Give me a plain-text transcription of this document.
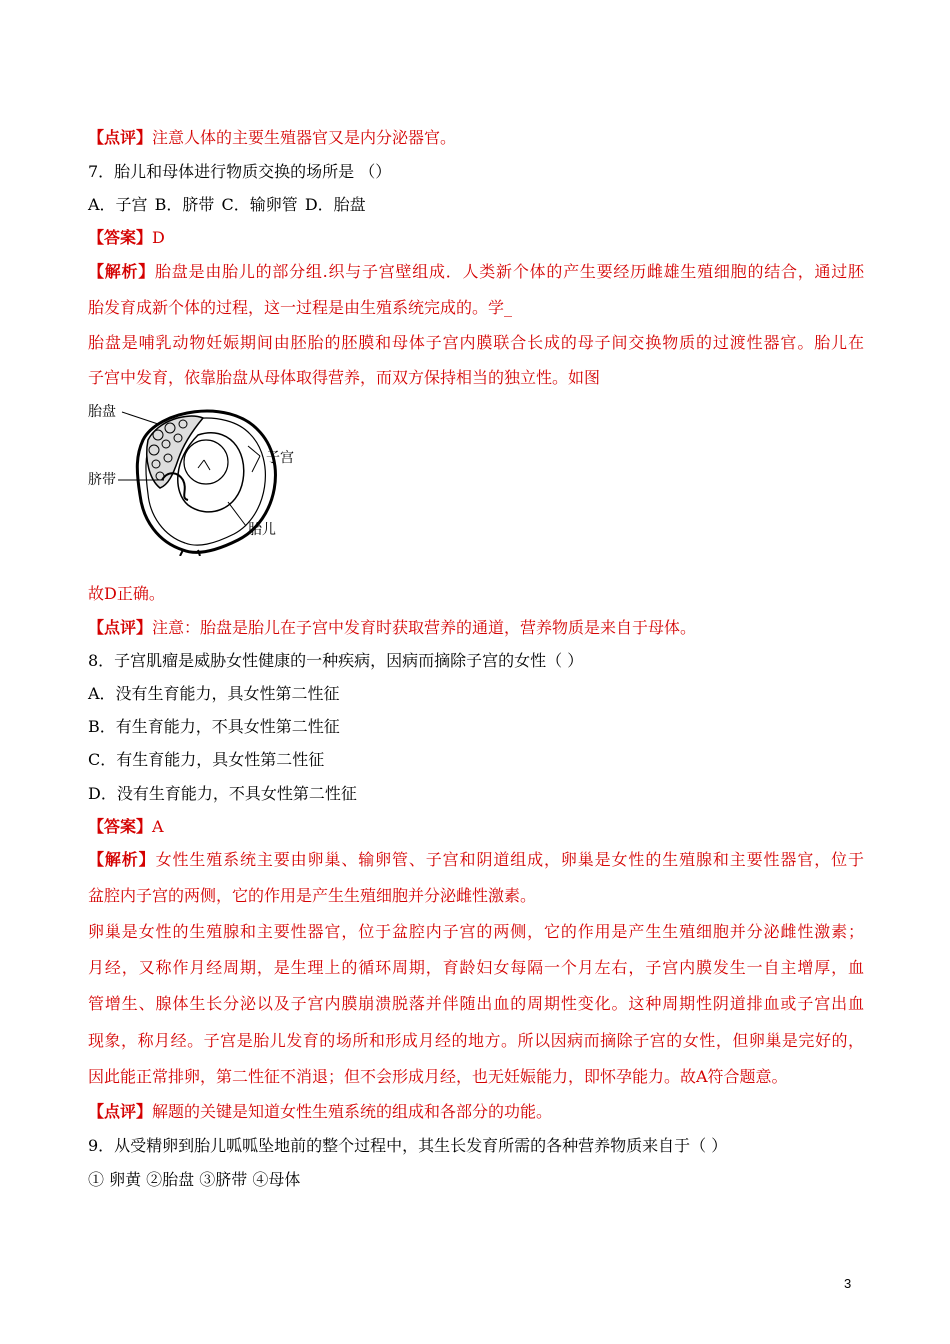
【点评】注意人体的主要生殖器官又是内分泌器官。
7．胎儿和母体进行物质交换的场所是 （）
A．子宫 B．脐带 C．输卵管 D．胎盘
【答案】D
【解析】胎盘是由胎儿的部分组.织与子宫壁组成．人类新个体的产生要经历雌雄生殖细胞的结合，通过胚
胎发育成新个体的过程，这一过程是由生殖系统完成的。学_
胎盘是哺乳动物妊娠期间由胚胎的胚膜和母体子宫内膜联合长成的母子间交换物质的过渡性器官。胎儿在
子宫中发育，依靠胎盘从母体取得营养，而双方保持相当的独立性。如图
胎盘
子宫
脐带
胎儿
故D正确。
【点评】注意：胎盘是胎儿在子宫中发育时获取营养的通道，营养物质是来自于母体。
8．子宫肌瘤是威胁女性健康的一种疾病，因病而摘除子宫的女性（ ）
A．没有生育能力，具女性第二性征
B．有生育能力，不具女性第二性征
C．有生育能力，具女性第二性征
D．没有生育能力，不具女性第二性征
【答案】A
【解析】女性生殖系统主要由卵巢、输卵管、子宫和阴道组成，卵巢是女性的生殖腺和主要性器官，位于
盆腔内子宫的两侧，它的作用是产生生殖细胞并分泌雌性激素。
卵巢是女性的生殖腺和主要性器官，位于盆腔内子宫的两侧，它的作用是产生生殖细胞并分泌雌性激素；
月经，又称作月经周期，是生理上的循环周期，育龄妇女每隔一个月左右，子宫内膜发生一自主增厚，血
管增生、腺体生长分泌以及子宫内膜崩溃脱落并伴随出血的周期性变化。这种周期性阴道排血或子宫出血
现象，称月经。子宫是胎儿发育的场所和形成月经的地方。所以因病而摘除子宫的女性，但卵巢是完好的，
因此能正常排卵，第二性征不消退；但不会形成月经，也无妊娠能力，即怀孕能力。故A符合题意。
【点评】解题的关键是知道女性生殖系统的组成和各部分的功能。
9．从受精卵到胎儿呱呱坠地前的整个过程中，其生长发育所需的各种营养物质来自于（ ）
① 卵黄 ②胎盘 ③脐带 ④母体
3
